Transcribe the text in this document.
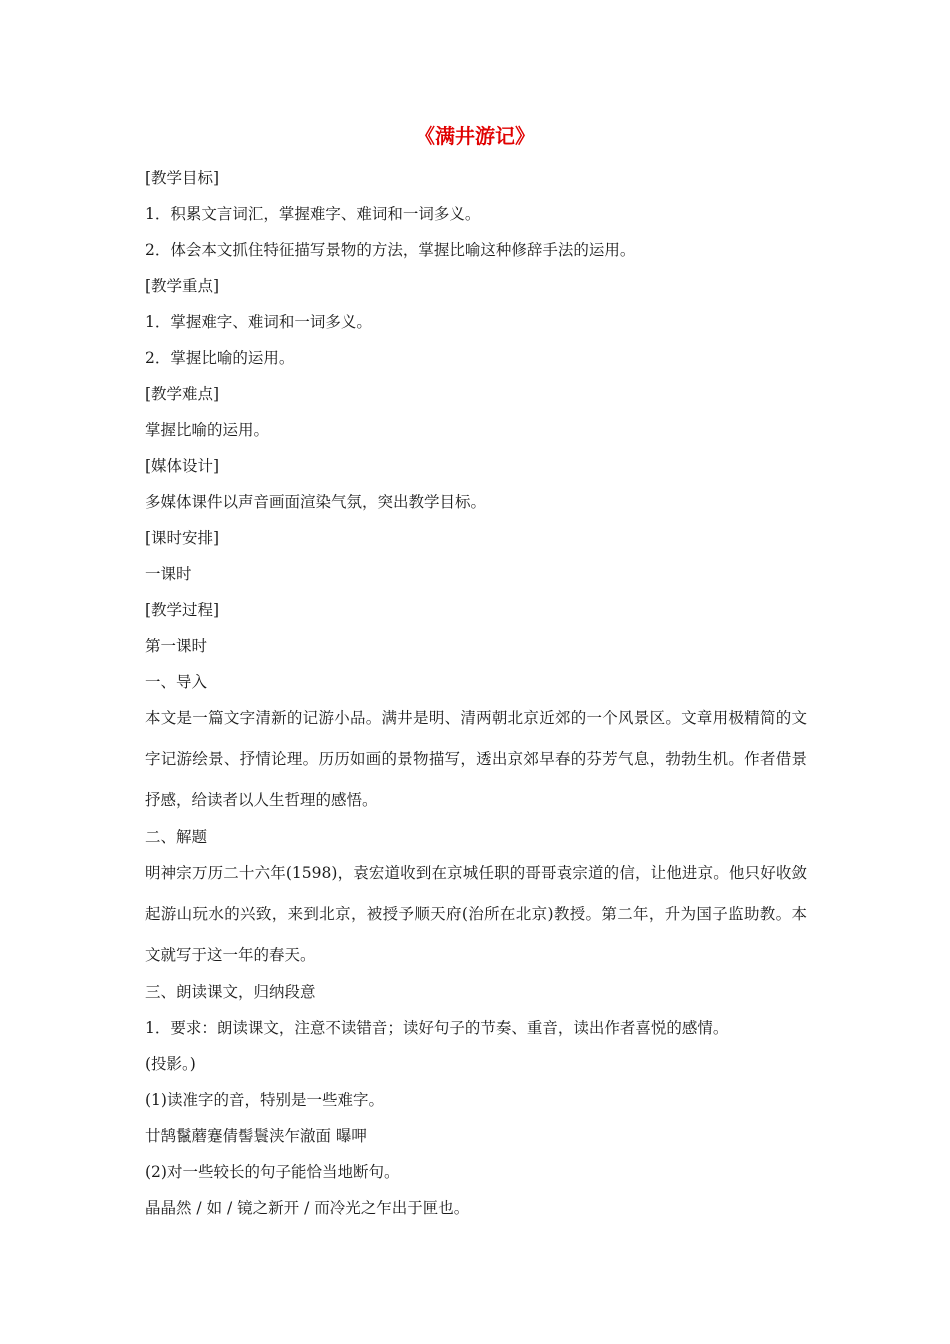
《满井游记》
[教学目标]
1．积累文言词汇，掌握难字、难词和一词多义。
2．体会本文抓住特征描写景物的方法，掌握比喻这种修辞手法的运用。
[教学重点]
1．掌握难字、难词和一词多义。
2．掌握比喻的运用。
[教学难点]
掌握比喻的运用。
[媒体设计]
多媒体课件以声音画面渲染气氛，突出教学目标。
[课时安排]
一课时
[教学过程]
第一课时
一、导入
本文是一篇文字清新的记游小品。满井是明、清两朝北京近郊的一个风景区。文章用极精简的文字记游绘景、抒情论理。历历如画的景物描写，透出京郊早春的芬芳气息，勃勃生机。作者借景抒感，给读者以人生哲理的感悟。
二、解题
明神宗万历二十六年(1598)，袁宏道收到在京城任职的哥哥袁宗道的信，让他进京。他只好收敛起游山玩水的兴致，来到北京，被授予顺天府(治所在北京)教授。第二年，升为国子监助教。本文就写于这一年的春天。
三、朗读课文，归纳段意
1．要求：朗读课文，注意不读错音；读好句子的节奏、重音，读出作者喜悦的感情。
(投影。)
(1)读准字的音，特别是一些难字。
廿鹄鬣蘑蹇倩髻鬟浃乍澈面 曝呷
(2)对一些较长的句子能恰当地断句。
晶晶然 / 如 / 镜之新开 / 而冷光之乍出于匣也。
